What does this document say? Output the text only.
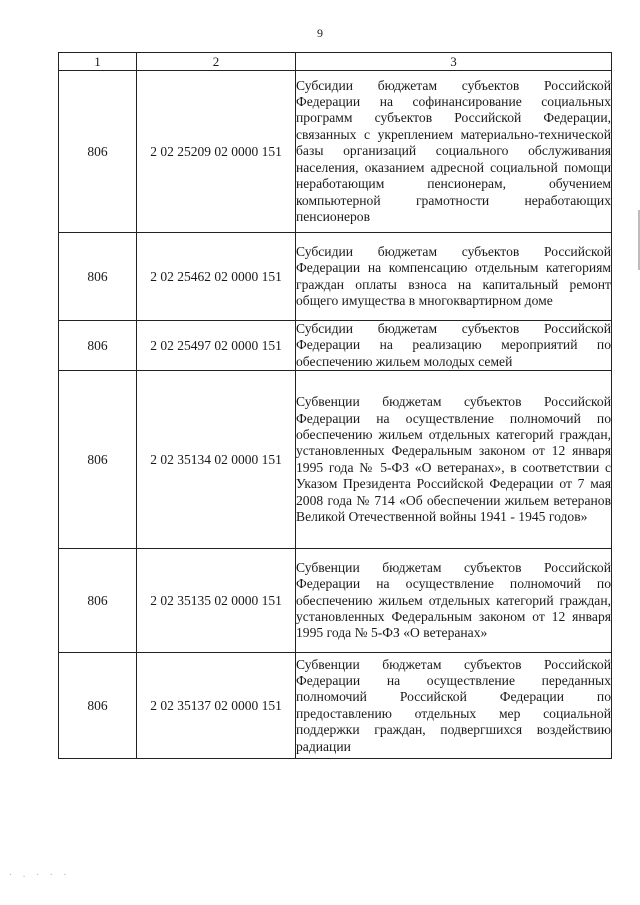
9
1	2	3
806	2 02 25209 02 0000 151	Субсидии бюджетам субъектов Российской Федерации на софинансирование социальных программ субъектов Российской Федерации, связанных с укреплением материально-технической базы организаций социального обслуживания населения, оказанием адресной социальной помощи неработающим пенсионерам, обучением компьютерной грамотности неработающих пенсионеров
806	2 02 25462 02 0000 151	Субсидии бюджетам субъектов Российской Федерации на компенсацию отдельным категориям граждан оплаты взноса на капитальный ремонт общего имущества в многоквартирном доме
806	2 02 25497 02 0000 151	Субсидии бюджетам субъектов Российской Федерации на реализацию мероприятий по обеспечению жильем молодых семей
806	2 02 35134 02 0000 151	Субвенции бюджетам субъектов Российской Федерации на осуществление полномочий по обеспечению жильем отдельных категорий граждан, установленных Федеральным законом от 12 января 1995 года № 5-ФЗ «О ветеранах», в соответствии с Указом Президента Российской Федерации от 7 мая 2008 года № 714 «Об обеспечении жильем ветеранов Великой Отечественной войны 1941 - 1945 годов»
806	2 02 35135 02 0000 151	Субвенции бюджетам субъектов Российской Федерации на осуществление полномочий по обеспечению жильем отдельных категорий граждан, установленных Федеральным законом от 12 января 1995 года № 5-ФЗ «О ветеранах»
806	2 02 35137 02 0000 151	Субвенции бюджетам субъектов Российской Федерации на осуществление переданных полномочий Российской Федерации по предоставлению отдельных мер социальной поддержки граждан, подвергшихся воздействию радиации
· . · · ·
